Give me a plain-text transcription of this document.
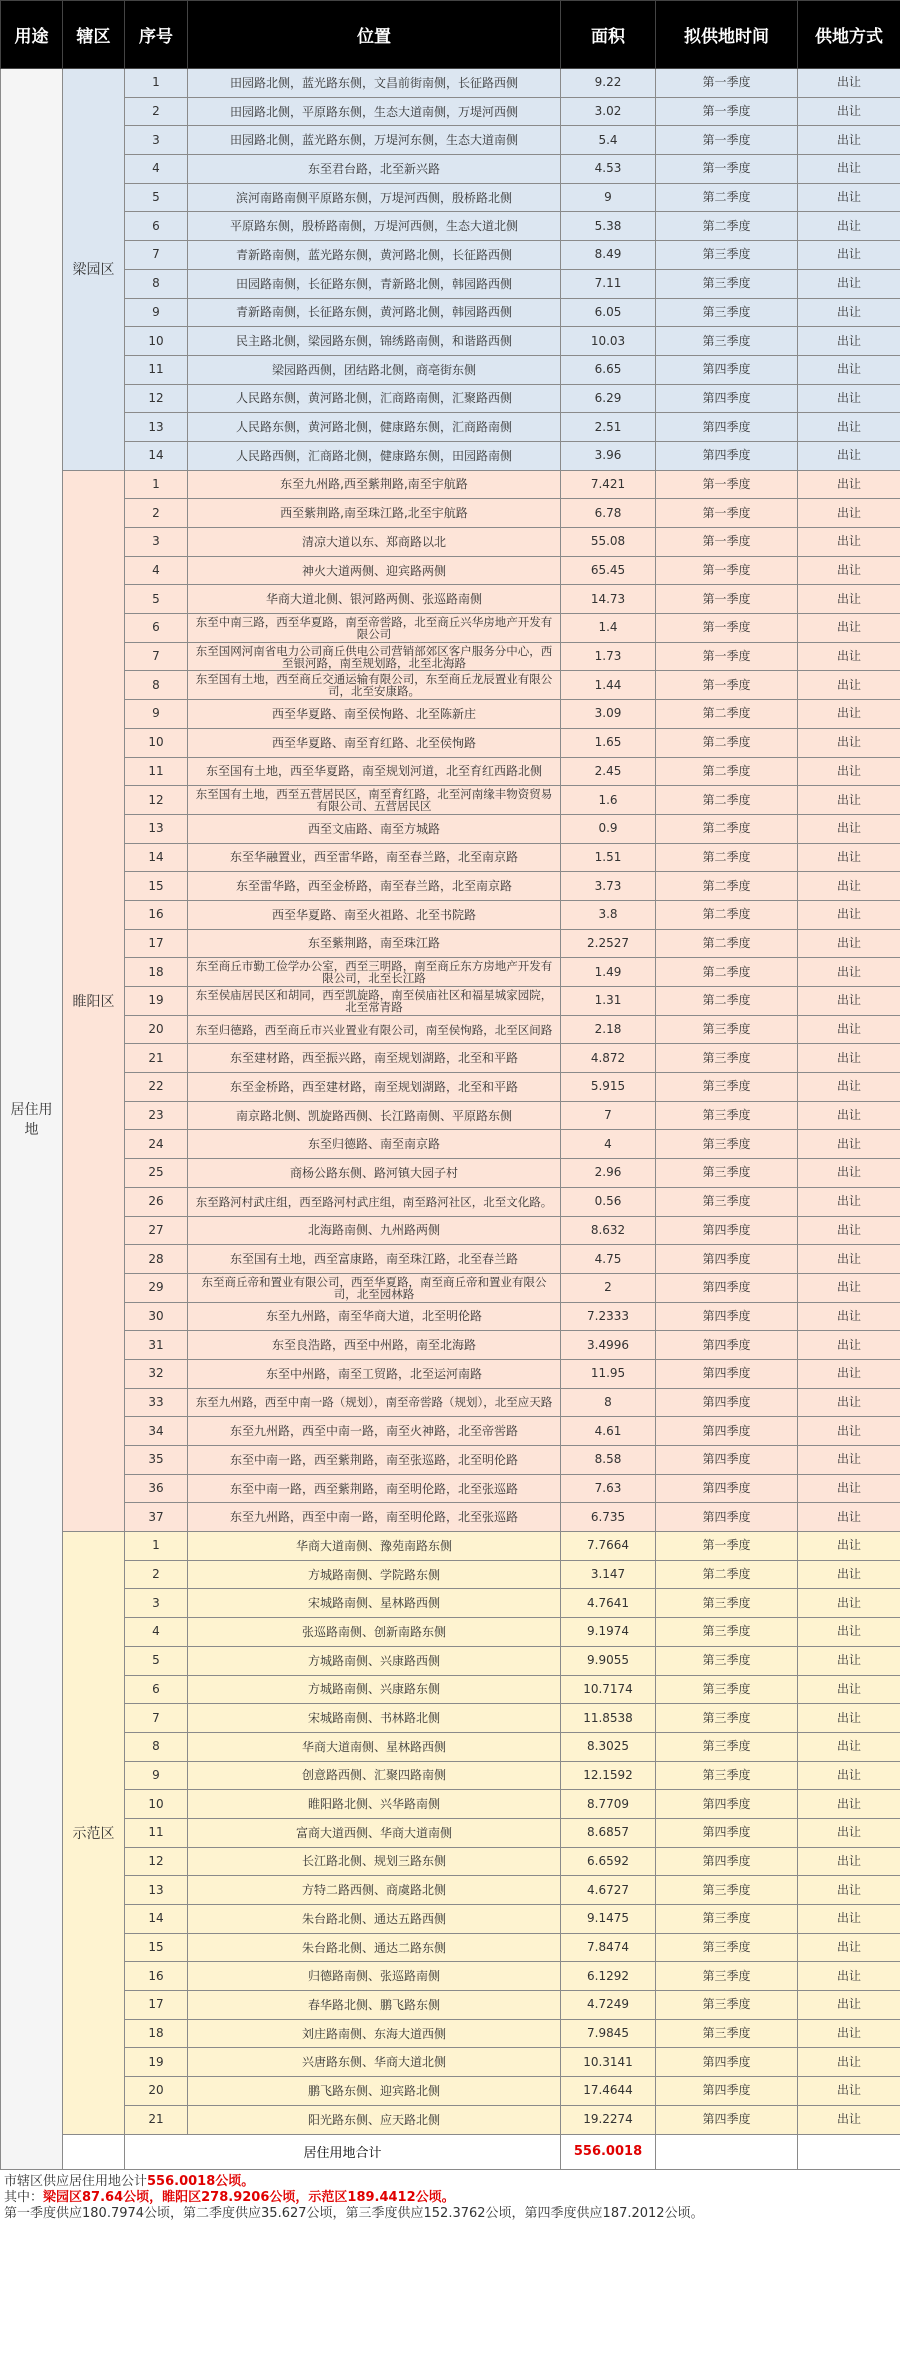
用途	辖区	序号	位置	面积	拟供地时间	供地方式
居住用地	梁园区	1	田园路北侧，蓝光路东侧，文昌前街南侧，长征路西侧	9.22	第一季度	出让
		2	田园路北侧，平原路东侧，生态大道南侧，万堤河西侧	3.02	第一季度	出让
		3	田园路北侧，蓝光路东侧，万堤河东侧，生态大道南侧	5.4	第一季度	出让
		4	东至君台路，北至新兴路	4.53	第一季度	出让
		5	滨河南路南侧平原路东侧，万堤河西侧，殷桥路北侧	9	第二季度	出让
		6	平原路东侧，殷桥路南侧，万堤河西侧，生态大道北侧	5.38	第二季度	出让
		7	青新路南侧，蓝光路东侧，黄河路北侧，长征路西侧	8.49	第三季度	出让
		8	田园路南侧，长征路东侧，青新路北侧，韩园路西侧	7.11	第三季度	出让
		9	青新路南侧，长征路东侧，黄河路北侧，韩园路西侧	6.05	第三季度	出让
		10	民主路北侧，梁园路东侧，锦绣路南侧，和谐路西侧	10.03	第三季度	出让
		11	梁园路西侧，团结路北侧，商亳街东侧	6.65	第四季度	出让
		12	人民路东侧，黄河路北侧，汇商路南侧，汇聚路西侧	6.29	第四季度	出让
		13	人民路东侧，黄河路北侧，健康路东侧，汇商路南侧	2.51	第四季度	出让
		14	人民路西侧，汇商路北侧，健康路东侧，田园路南侧	3.96	第四季度	出让
	睢阳区	1	东至九州路,西至紫荆路,南至宇航路	7.421	第一季度	出让
		2	西至紫荆路,南至珠江路,北至宇航路	6.78	第一季度	出让
		3	清凉大道以东、郑商路以北	55.08	第一季度	出让
		4	神火大道两侧、迎宾路两侧	65.45	第一季度	出让
		5	华商大道北侧、银河路两侧、张巡路南侧	14.73	第一季度	出让
		6	东至中南三路，西至华夏路，南至帝喾路，北至商丘兴华房地产开发有限公司	1.4	第一季度	出让
		7	东至国网河南省电力公司商丘供电公司营销部郊区客户服务分中心，西至银河路，南至规划路，北至北海路	1.73	第一季度	出让
		8	东至国有土地，西至商丘交通运输有限公司，东至商丘龙辰置业有限公司，北至安康路。	1.44	第一季度	出让
		9	西至华夏路、南至侯恂路、北至陈新庄	3.09	第二季度	出让
		10	西至华夏路、南至育红路、北至侯恂路	1.65	第二季度	出让
		11	东至国有土地，西至华夏路，南至规划河道，北至育红西路北侧	2.45	第二季度	出让
		12	东至国有土地，西至五营居民区，南至育红路，北至河南缘丰物资贸易有限公司、五营居民区	1.6	第二季度	出让
		13	西至文庙路、南至方城路	0.9	第二季度	出让
		14	东至华融置业，西至雷华路，南至春兰路，北至南京路	1.51	第二季度	出让
		15	东至雷华路，西至金桥路，南至春兰路，北至南京路	3.73	第二季度	出让
		16	西至华夏路、南至火祖路、北至书院路	3.8	第二季度	出让
		17	东至紫荆路，南至珠江路	2.2527	第二季度	出让
		18	东至商丘市勤工俭学办公室，西至三明路，南至商丘东方房地产开发有限公司，北至长江路	1.49	第二季度	出让
		19	东至侯庙居民区和胡同，西至凯旋路，南至侯庙社区和福星城家园院，北至常青路	1.31	第二季度	出让
		20	东至归德路，西至商丘市兴业置业有限公司，南至侯恂路，北至区间路	2.18	第三季度	出让
		21	东至建材路，西至振兴路，南至规划湖路，北至和平路	4.872	第三季度	出让
		22	东至金桥路，西至建材路，南至规划湖路，北至和平路	5.915	第三季度	出让
		23	南京路北侧、凯旋路西侧、长江路南侧、平原路东侧	7	第三季度	出让
		24	东至归德路、南至南京路	4	第三季度	出让
		25	商杨公路东侧、路河镇大园子村	2.96	第三季度	出让
		26	东至路河村武庄组，西至路河村武庄组，南至路河社区，北至文化路。	0.56	第三季度	出让
		27	北海路南侧、九州路两侧	8.632	第四季度	出让
		28	东至国有土地，西至富康路，南至珠江路，北至春兰路	4.75	第四季度	出让
		29	东至商丘帝和置业有限公司，西至华夏路，南至商丘帝和置业有限公司，北至园林路	2	第四季度	出让
		30	东至九州路，南至华商大道，北至明伦路	7.2333	第四季度	出让
		31	东至良浩路，西至中州路，南至北海路	3.4996	第四季度	出让
		32	东至中州路，南至工贸路，北至运河南路	11.95	第四季度	出让
		33	东至九州路，西至中南一路（规划），南至帝喾路（规划），北至应天路	8	第四季度	出让
		34	东至九州路，西至中南一路，南至火神路，北至帝喾路	4.61	第四季度	出让
		35	东至中南一路，西至紫荆路，南至张巡路，北至明伦路	8.58	第四季度	出让
		36	东至中南一路，西至紫荆路，南至明伦路，北至张巡路	7.63	第四季度	出让
		37	东至九州路，西至中南一路，南至明伦路，北至张巡路	6.735	第四季度	出让
	示范区	1	华商大道南侧、豫苑南路东侧	7.7664	第一季度	出让
		2	方城路南侧、学院路东侧	3.147	第二季度	出让
		3	宋城路南侧、星林路西侧	4.7641	第三季度	出让
		4	张巡路南侧、创新南路东侧	9.1974	第三季度	出让
		5	方城路南侧、兴康路西侧	9.9055	第三季度	出让
		6	方城路南侧、兴康路东侧	10.7174	第三季度	出让
		7	宋城路南侧、书林路北侧	11.8538	第三季度	出让
		8	华商大道南侧、星林路西侧	8.3025	第三季度	出让
		9	创意路西侧、汇聚四路南侧	12.1592	第三季度	出让
		10	睢阳路北侧、兴华路南侧	8.7709	第四季度	出让
		11	富商大道西侧、华商大道南侧	8.6857	第四季度	出让
		12	长江路北侧、规划三路东侧	6.6592	第四季度	出让
		13	方特二路西侧、商虞路北侧	4.6727	第三季度	出让
		14	朱台路北侧、通达五路西侧	9.1475	第三季度	出让
		15	朱台路北侧、通达二路东侧	7.8474	第三季度	出让
		16	归德路南侧、张巡路南侧	6.1292	第三季度	出让
		17	春华路北侧、鹏飞路东侧	4.7249	第三季度	出让
		18	刘庄路南侧、东海大道西侧	7.9845	第三季度	出让
		19	兴唐路东侧、华商大道北侧	10.3141	第四季度	出让
		20	鹏飞路东侧、迎宾路北侧	17.4644	第四季度	出让
		21	阳光路东侧、应天路北侧	19.2274	第四季度	出让
		居住用地合计		556.0018		
市辖区供应居住用地公计556.0018公顷。
其中：梁园区87.64公顷，睢阳区278.9206公顷，示范区189.4412公顷。
第一季度供应180.7974公顷，第二季度供应35.627公顷，第三季度供应152.3762公顷，第四季度供应187.2012公顷。
